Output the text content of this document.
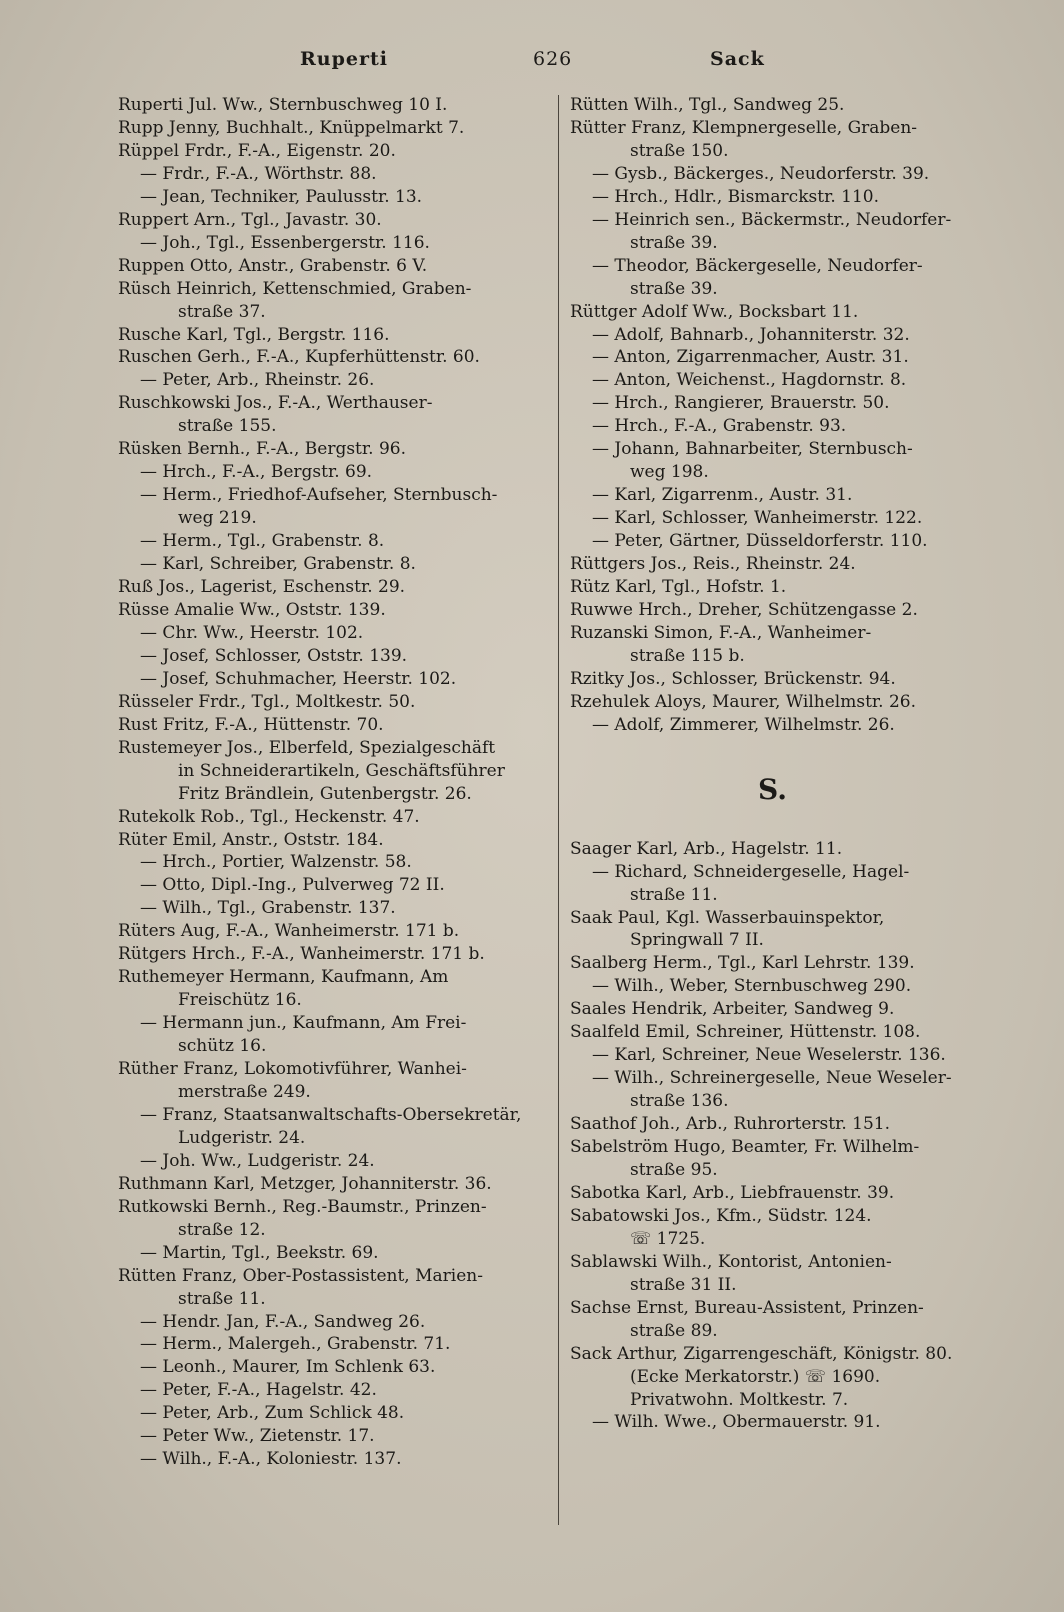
Ruperti	626	Sack
Ruperti Jul. Ww., Sternbuschweg 10 I.
Rupp Jenny, Buchhalt., Knüppelmarkt 7.
Rüppel Frdr., F.-A., Eigenstr. 20.
— Frdr., F.-A., Wörthstr. 88.
— Jean, Techniker, Paulusstr. 13.
Ruppert Arn., Tgl., Javastr. 30.
— Joh., Tgl., Essenbergerstr. 116.
Ruppen Otto, Anstr., Grabenstr. 6 V.
Rüsch Heinrich, Kettenschmied, Graben-
straße 37.
Rusche Karl, Tgl., Bergstr. 116.
Ruschen Gerh., F.-A., Kupferhüttenstr. 60.
— Peter, Arb., Rheinstr. 26.
Ruschkowski Jos., F.-A., Werthauser-
straße 155.
Rüsken Bernh., F.-A., Bergstr. 96.
— Hrch., F.-A., Bergstr. 69.
— Herm., Friedhof-Aufseher, Sternbusch-
weg 219.
— Herm., Tgl., Grabenstr. 8.
— Karl, Schreiber, Grabenstr. 8.
Ruß Jos., Lagerist, Eschenstr. 29.
Rüsse Amalie Ww., Oststr. 139.
— Chr. Ww., Heerstr. 102.
— Josef, Schlosser, Oststr. 139.
— Josef, Schuhmacher, Heerstr. 102.
Rüsseler Frdr., Tgl., Moltkestr. 50.
Rust Fritz, F.-A., Hüttenstr. 70.
Rustemeyer Jos., Elberfeld, Spezialgeschäft
in Schneiderartikeln, Geschäftsführer
Fritz Brändlein, Gutenbergstr. 26.
Rutekolk Rob., Tgl., Heckenstr. 47.
Rüter Emil, Anstr., Oststr. 184.
— Hrch., Portier, Walzenstr. 58.
— Otto, Dipl.-Ing., Pulverweg 72 II.
— Wilh., Tgl., Grabenstr. 137.
Rüters Aug, F.-A., Wanheimerstr. 171 b.
Rütgers Hrch., F.-A., Wanheimerstr. 171 b.
Ruthemeyer Hermann, Kaufmann, Am
Freischütz 16.
— Hermann jun., Kaufmann, Am Frei-
schütz 16.
Rüther Franz, Lokomotivführer, Wanhei-
merstraße 249.
— Franz, Staatsanwaltschafts-Obersekretär,
Ludgeristr. 24.
— Joh. Ww., Ludgeristr. 24.
Ruthmann Karl, Metzger, Johanniterstr. 36.
Rutkowski Bernh., Reg.-Baumstr., Prinzen-
straße 12.
— Martin, Tgl., Beekstr. 69.
Rütten Franz, Ober-Postassistent, Marien-
straße 11.
— Hendr. Jan, F.-A., Sandweg 26.
— Herm., Malergeh., Grabenstr. 71.
— Leonh., Maurer, Im Schlenk 63.
— Peter, F.-A., Hagelstr. 42.
— Peter, Arb., Zum Schlick 48.
— Peter Ww., Zietenstr. 17.
— Wilh., F.-A., Koloniestr. 137.
Rütten Wilh., Tgl., Sandweg 25.
Rütter Franz, Klempnergeselle, Graben-
straße 150.
— Gysb., Bäckerges., Neudorferstr. 39.
— Hrch., Hdlr., Bismarckstr. 110.
— Heinrich sen., Bäckermstr., Neudorfer-
straße 39.
— Theodor, Bäckergeselle, Neudorfer-
straße 39.
Rüttger Adolf Ww., Bocksbart 11.
— Adolf, Bahnarb., Johanniterstr. 32.
— Anton, Zigarrenmacher, Austr. 31.
— Anton, Weichenst., Hagdornstr. 8.
— Hrch., Rangierer, Brauerstr. 50.
— Hrch., F.-A., Grabenstr. 93.
— Johann, Bahnarbeiter, Sternbusch-
weg 198.
— Karl, Zigarrenm., Austr. 31.
— Karl, Schlosser, Wanheimerstr. 122.
— Peter, Gärtner, Düsseldorferstr. 110.
Rüttgers Jos., Reis., Rheinstr. 24.
Rütz Karl, Tgl., Hofstr. 1.
Ruwwe Hrch., Dreher, Schützengasse 2.
Ruzanski Simon, F.-A., Wanheimer-
straße 115 b.
Rzitky Jos., Schlosser, Brückenstr. 94.
Rzehulek Aloys, Maurer, Wilhelmstr. 26.
— Adolf, Zimmerer, Wilhelmstr. 26.
S.
Saager Karl, Arb., Hagelstr. 11.
— Richard, Schneidergeselle, Hagel-
straße 11.
Saak Paul, Kgl. Wasserbauinspektor,
Springwall 7 II.
Saalberg Herm., Tgl., Karl Lehrstr. 139.
— Wilh., Weber, Sternbuschweg 290.
Saales Hendrik, Arbeiter, Sandweg 9.
Saalfeld Emil, Schreiner, Hüttenstr. 108.
— Karl, Schreiner, Neue Weselerstr. 136.
— Wilh., Schreinergeselle, Neue Weseler-
straße 136.
Saathof Joh., Arb., Ruhrorterstr. 151.
Sabelström Hugo, Beamter, Fr. Wilhelm-
straße 95.
Sabotka Karl, Arb., Liebfrauenstr. 39.
Sabatowski Jos., Kfm., Südstr. 124.
☏ 1725.
Sablawski Wilh., Kontorist, Antonien-
straße 31 II.
Sachse Ernst, Bureau-Assistent, Prinzen-
straße 89.
Sack Arthur, Zigarrengeschäft, Königstr. 80.
(Ecke Merkatorstr.) ☏ 1690.
Privatwohn. Moltkestr. 7.
— Wilh. Wwe., Obermauerstr. 91.
